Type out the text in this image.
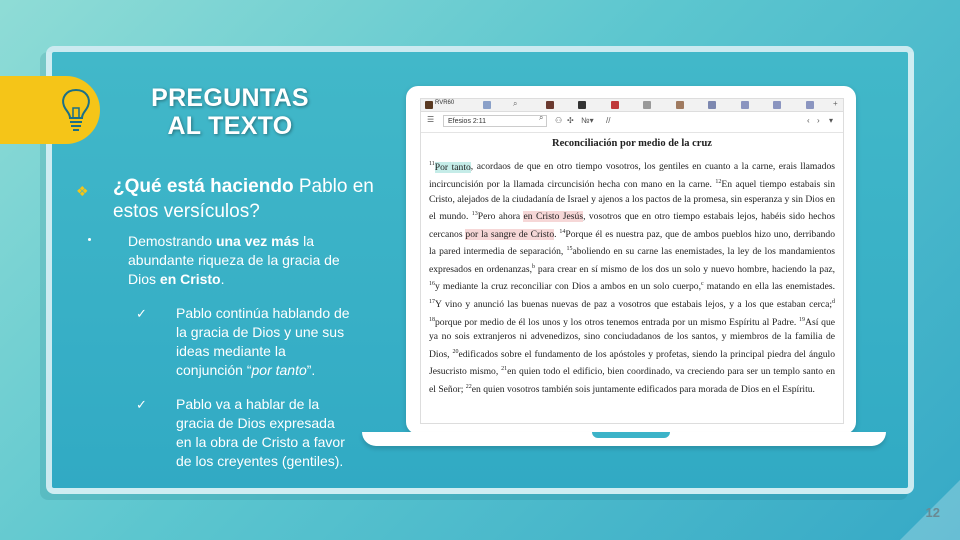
PREGUNTAS
AL TEXTO
❖ ¿Qué está haciendo Pablo en estos versículos?
Demostrando una vez más la abundante riqueza de la gracia de Dios en Cristo.
✓ Pablo continúa hablando de la gracia de Dios y une sus ideas mediante la conjunción “por tanto”.
✓ Pablo va a hablar de la gracia de Dios expresada en la obra de Cristo a favor de los creyentes (gentiles).
RVR60	⌕	+
☰	Efesios 2:11	⚇
⌕	✣ №▾ //	‹ › ▾
Reconciliación por medio de la cruz
$^{11}$Por tanto, acordaos de que en otro tiempo vosotros, los gentiles en cuanto a la carne, erais llamados incircuncisión por la llamada circuncisión hecha con mano en la carne. $^{12}$En aquel tiempo estabais sin Cristo, alejados de la ciudadanía de Israel y ajenos a los pactos de la promesa, sin esperanza y sin Dios en el mundo. $^{13}$Pero ahora en Cristo Jesús, vosotros que en otro tiempo estabais lejos, habéis sido hechos cercanos por la sangre de Cristo. $^{14}$Porque él es nuestra paz, que de ambos pueblos hizo uno, derribando la pared intermedia de separación, $^{15}$aboliendo en su carne las enemistades, la ley de los mandamientos expresados en ordenanzas,$^b$ para crear en sí mismo de los dos un solo y nuevo hombre, haciendo la paz, $^{16}$y mediante la cruz reconciliar con Dios a ambos en un solo cuerpo,$^c$ matando en ella las enemistades. $^{17}$Y vino y anunció las buenas nuevas de paz a vosotros que estabais lejos, y a los que estaban cerca;$^d$ $^{18}$porque por medio de él los unos y los otros tenemos entrada por un mismo Espíritu al Padre. $^{19}$Así que ya no sois extranjeros ni advenedizos, sino conciudadanos de los santos, y miembros de la familia de Dios, $^{20}$edificados sobre el fundamento de los apóstoles y profetas, siendo la principal piedra del ángulo Jesucristo mismo, $^{21}$en quien todo el edificio, bien coordinado, va creciendo para ser un templo santo en el Señor; $^{22}$en quien vosotros también sois juntamente edificados para morada de Dios en el Espíritu.
12
